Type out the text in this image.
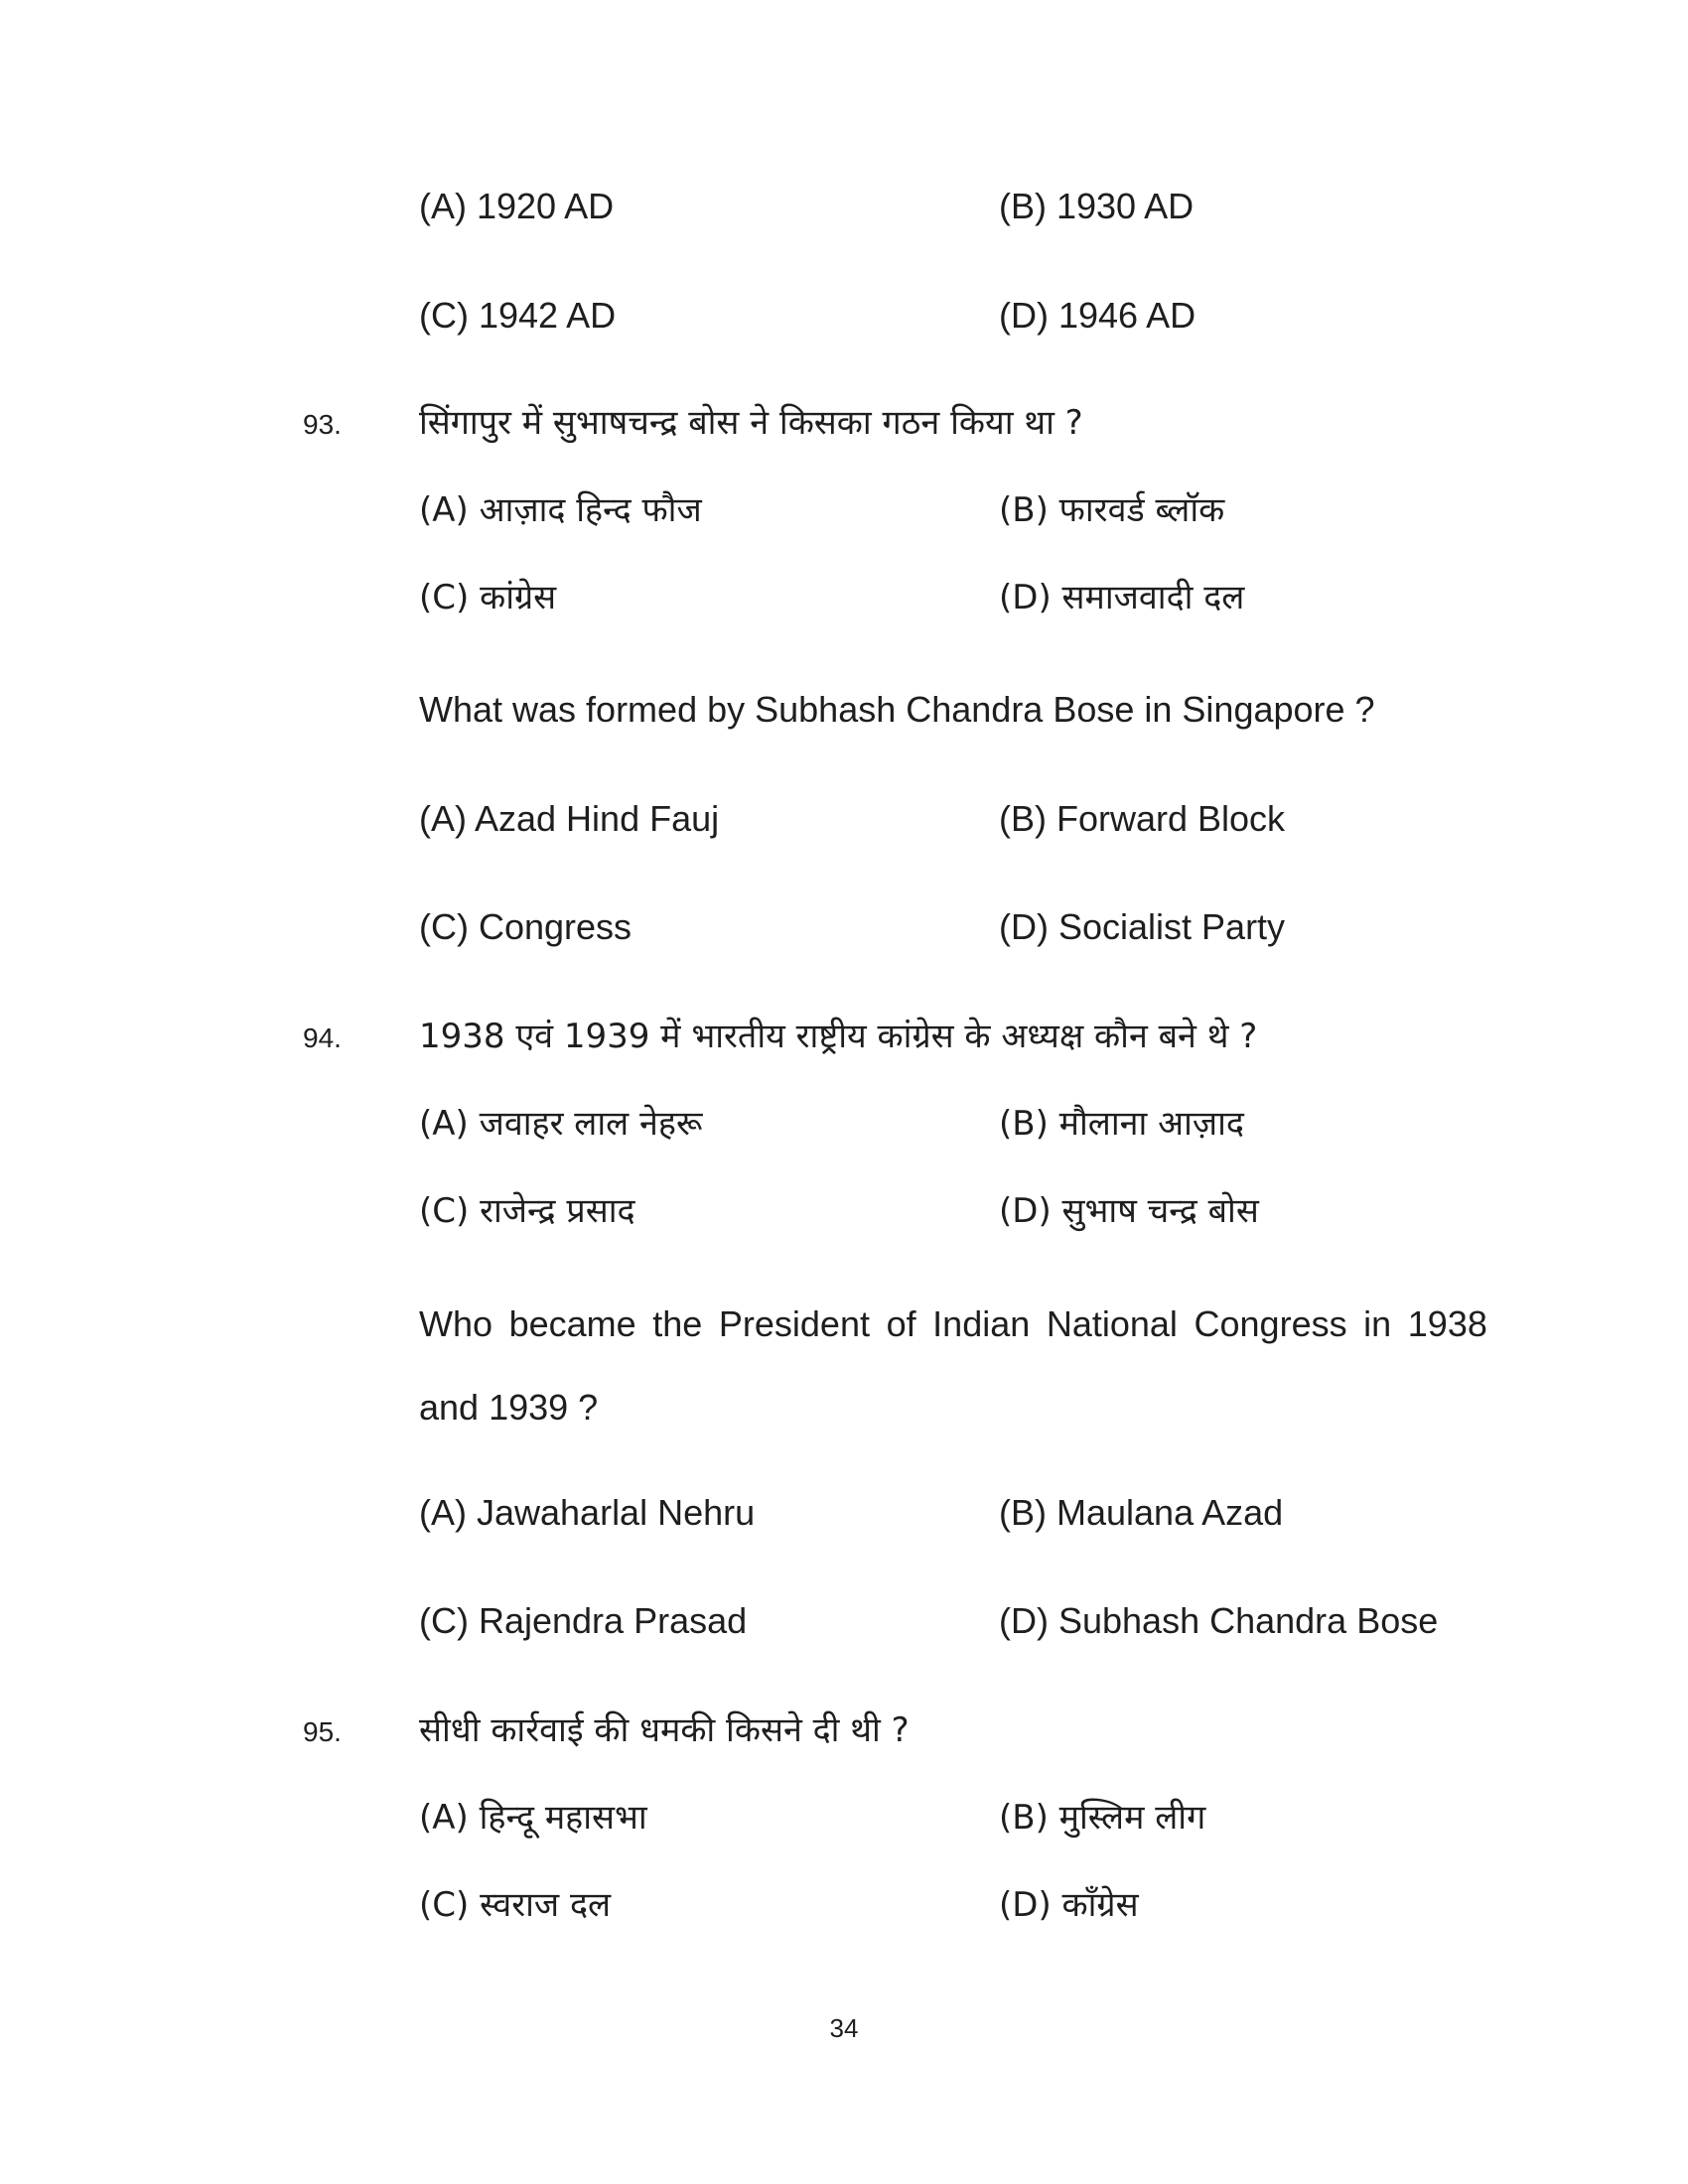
(A) 1920 AD	(B) 1930 AD
(C) 1942 AD	(D) 1946 AD
93. सिंगापुर में सुभाषचन्द्र बोस ने किसका गठन किया था ?
(A) आज़ाद हिन्द फौज	(B) फारवर्ड ब्लॉक
(C) कांग्रेस	(D) समाजवादी दल
What was formed by Subhash Chandra Bose in Singapore ?
(A) Azad Hind Fauj	(B) Forward Block
(C) Congress	(D) Socialist Party
94. 1938 एवं 1939 में भारतीय राष्ट्रीय कांग्रेस के अध्यक्ष कौन बने थे ?
(A) जवाहर लाल नेहरू	(B) मौलाना आज़ाद
(C) राजेन्द्र प्रसाद	(D) सुभाष चन्द्र बोस
Who became the President of Indian National Congress in 1938
and 1939 ?
(A) Jawaharlal Nehru	(B) Maulana Azad
(C) Rajendra Prasad	(D) Subhash Chandra Bose
95. सीधी कार्रवाई की धमकी किसने दी थी ?
(A) हिन्दू महासभा	(B) मुस्लिम लीग
(C) स्वराज दल	(D) कॉंग्रेस
34
